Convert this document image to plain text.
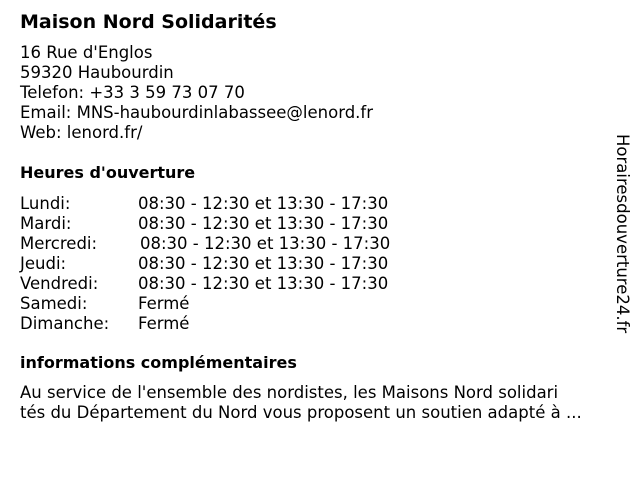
Maison Nord Solidarités
16 Rue d'Englos
59320 Haubourdin
Telefon: +33 3 59 73 07 70
Email: MNS-haubourdinlabassee@lenord.fr
Web: lenord.fr/
Heures d'ouverture
Lundi:	08:30 - 12:30 et 13:30 - 17:30
Mardi:	08:30 - 12:30 et 13:30 - 17:30
Mercredi:	08:30 - 12:30 et 13:30 - 17:30
Jeudi:	08:30 - 12:30 et 13:30 - 17:30
Vendredi: 08:30 - 12:30 et 13:30 - 17:30
Samedi:	Fermé
Dimanche: Fermé
informations complémentaires
Au service de l'ensemble des nordistes, les Maisons Nord solidari
tés du Département du Nord vous proposent un soutien adapté à ...
Horairesdouverture24.fr
